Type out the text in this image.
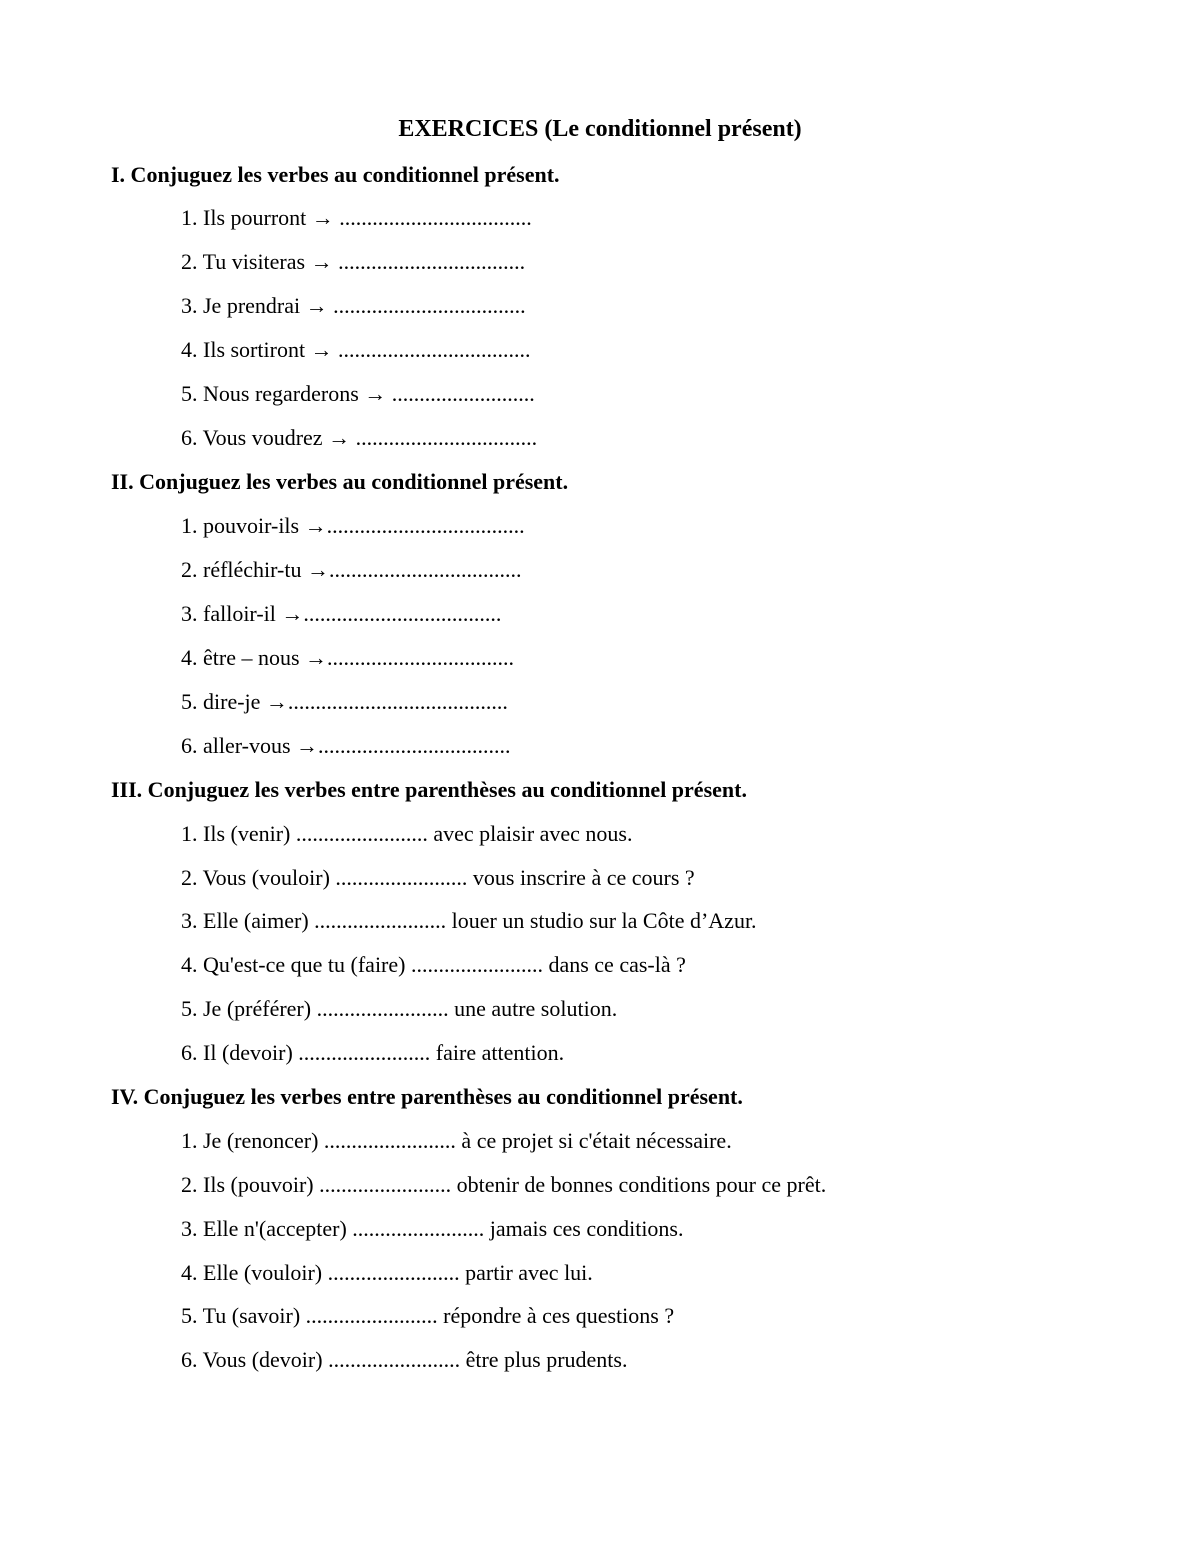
EXERCICES (Le conditionnel présent)
I. Conjuguez les verbes au conditionnel présent.
1. Ils pourront → ...................................
2. Tu visiteras → ..................................
3. Je prendrai → ...................................
4. Ils sortiront → ...................................
5. Nous regarderons → ..........................
6. Vous voudrez → .................................
II. Conjuguez les verbes au conditionnel présent.
1. pouvoir-ils →....................................
2. réfléchir-tu →...................................
3. falloir-il →....................................
4. être – nous →..................................
5. dire-je →........................................
6. aller-vous →...................................
III. Conjuguez les verbes entre parenthèses au conditionnel présent.
1. Ils (venir) ........................ avec plaisir avec nous.
2. Vous (vouloir) ........................ vous inscrire à ce cours ?
3. Elle (aimer) ........................ louer un studio sur la Côte d’Azur.
4. Qu'est-ce que tu (faire) ........................ dans ce cas-là ?
5. Je (préférer) ........................ une autre solution.
6. Il (devoir) ........................ faire attention.
IV. Conjuguez les verbes entre parenthèses au conditionnel présent.
1. Je (renoncer) ........................ à ce projet si c'était nécessaire.
2. Ils (pouvoir) ........................ obtenir de bonnes conditions pour ce prêt.
3. Elle n'(accepter) ........................ jamais ces conditions.
4. Elle (vouloir) ........................ partir avec lui.
5. Tu (savoir) ........................ répondre à ces questions ?
6. Vous (devoir) ........................ être plus prudents.
